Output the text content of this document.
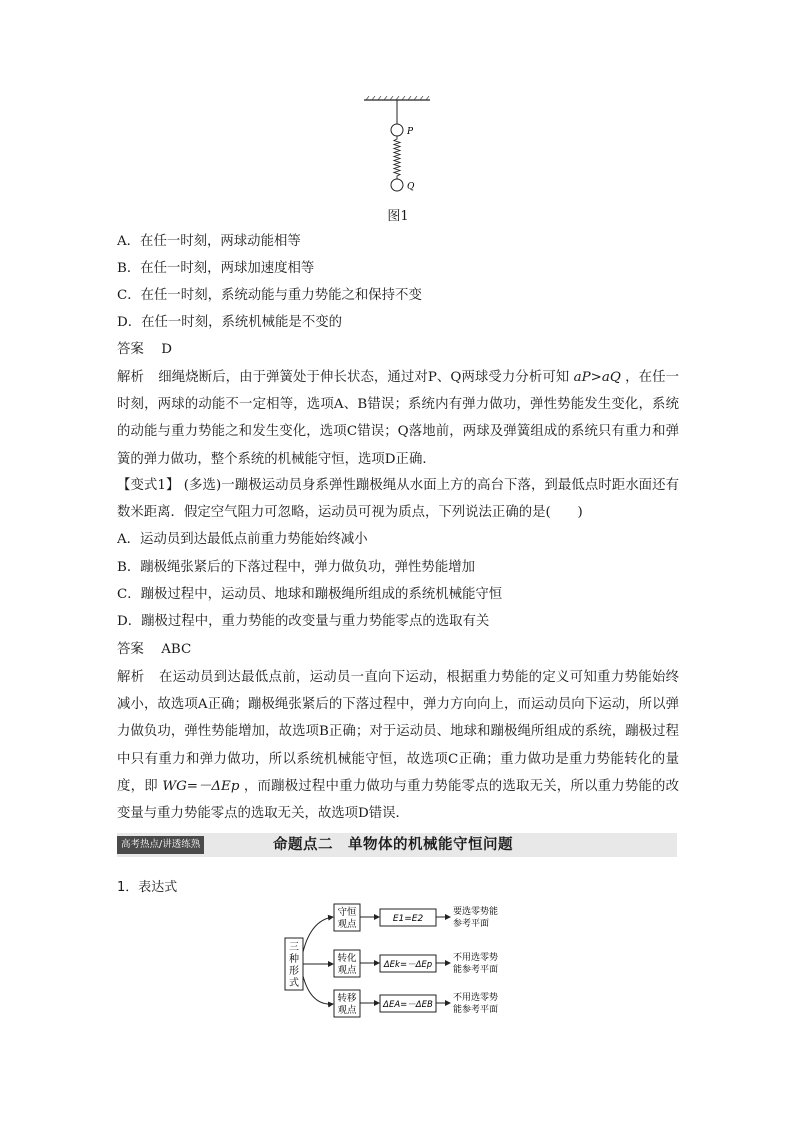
P
Q
图1
A．在任一时刻，两球动能相等
B．在任一时刻，两球加速度相等
C．在任一时刻，系统动能与重力势能之和保持不变
D．在任一时刻，系统机械能是不变的
答案 D
解析 细绳烧断后，由于弹簧处于伸长状态，通过对P、Q两球受力分析可知 aP>aQ ，在任一时刻，两球的动能不一定相等，选项A、B错误；系统内有弹力做功，弹性势能发生变化，系统的动能与重力势能之和发生变化，选项C错误；Q落地前，两球及弹簧组成的系统只有重力和弹簧的弹力做功，整个系统的机械能守恒，选项D正确．
【变式1】 (多选)一蹦极运动员身系弹性蹦极绳从水面上方的高台下落，到最低点时距水面还有数米距离．假定空气阻力可忽略，运动员可视为质点，下列说法正确的是(　　)
A．运动员到达最低点前重力势能始终减小
B．蹦极绳张紧后的下落过程中，弹力做负功，弹性势能增加
C．蹦极过程中，运动员、地球和蹦极绳所组成的系统机械能守恒
D．蹦极过程中，重力势能的改变量与重力势能零点的选取有关
答案 ABC
解析 在运动员到达最低点前，运动员一直向下运动，根据重力势能的定义可知重力势能始终减小，故选项A正确；蹦极绳张紧后的下落过程中，弹力方向向上，而运动员向下运动，所以弹力做负功，弹性势能增加，故选项B正确；对于运动员、地球和蹦极绳所组成的系统，蹦极过程中只有重力和弹力做功，所以系统机械能守恒，故选项C正确；重力做功是重力势能转化的量度，即 WG=－ΔEp ，而蹦极过程中重力做功与重力势能零点的选取无关，所以重力势能的改变量与重力势能零点的选取无关，故选项D错误．
高考热点/讲透练熟	命题点二　单物体的机械能守恒问题
1．表达式
三
种
形
式
守恒
观点	E1=E2
要选零势能
参考平面
转化
观点	ΔEk=－ΔEp
不用选零势
能参考平面
转移
观点	ΔEA=－ΔEB
不用选零势
能参考平面
